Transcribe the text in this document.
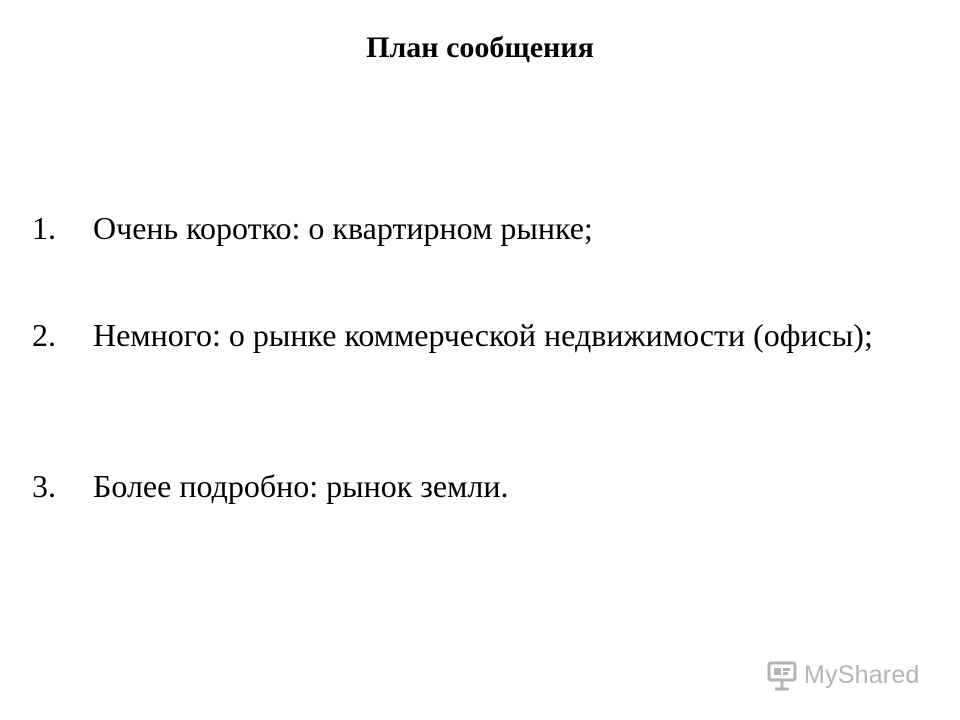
План сообщения
1.	Очень коротко: о квартирном рынке;
2.	Немного: о рынке коммерческой недвижимости (офисы);
3.	Более подробно: рынок земли.
MyShared
